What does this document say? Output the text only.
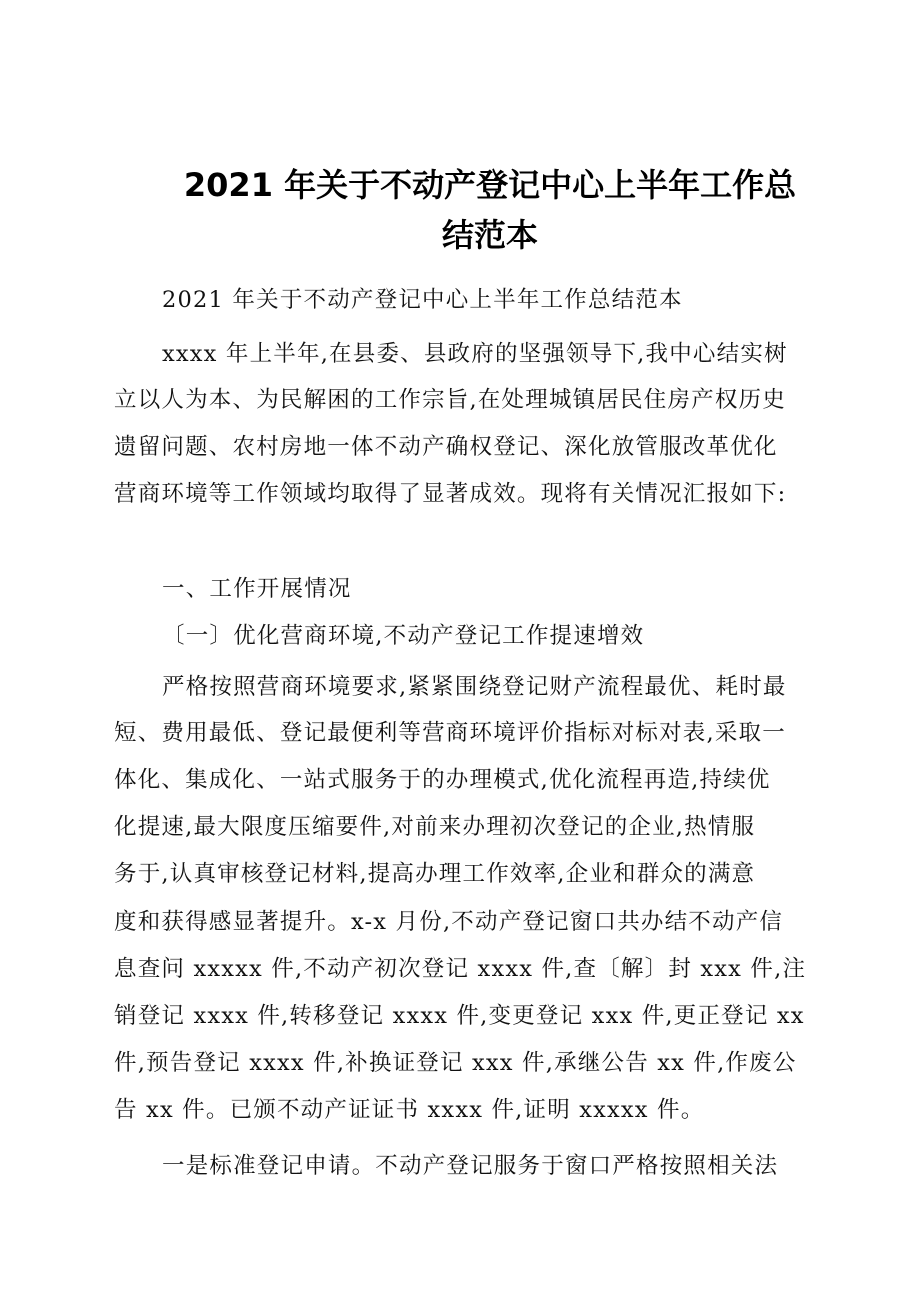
2021 年关于不动产登记中心上半年工作总
结范本
2021 年关于不动产登记中心上半年工作总结范本
xxxx 年上半年,在县委、县政府的坚强领导下,我中心结实树
立以人为本、为民解困的工作宗旨,在处理城镇居民住房产权历史
遗留问题、农村房地一体不动产确权登记、深化放管服改革优化
营商环境等工作领域均取得了显著成效。现将有关情况汇报如下:
一、工作开展情况
〔一〕优化营商环境,不动产登记工作提速增效
严格按照营商环境要求,紧紧围绕登记财产流程最优、耗时最
短、费用最低、登记最便利等营商环境评价指标对标对表,采取一
体化、集成化、一站式服务于的办理模式,优化流程再造,持续优
化提速,最大限度压缩要件,对前来办理初次登记的企业,热情服
务于,认真审核登记材料,提高办理工作效率,企业和群众的满意
度和获得感显著提升。x-x 月份,不动产登记窗口共办结不动产信
息查问 xxxxx 件,不动产初次登记 xxxx 件,查〔解〕封 xxx 件,注
销登记 xxxx 件,转移登记 xxxx 件,变更登记 xxx 件,更正登记 xx
件,预告登记 xxxx 件,补换证登记 xxx 件,承继公告 xx 件,作废公
告 xx 件。已颁不动产证证书 xxxx 件,证明 xxxxx 件。
一是标准登记申请。不动产登记服务于窗口严格按照相关法
